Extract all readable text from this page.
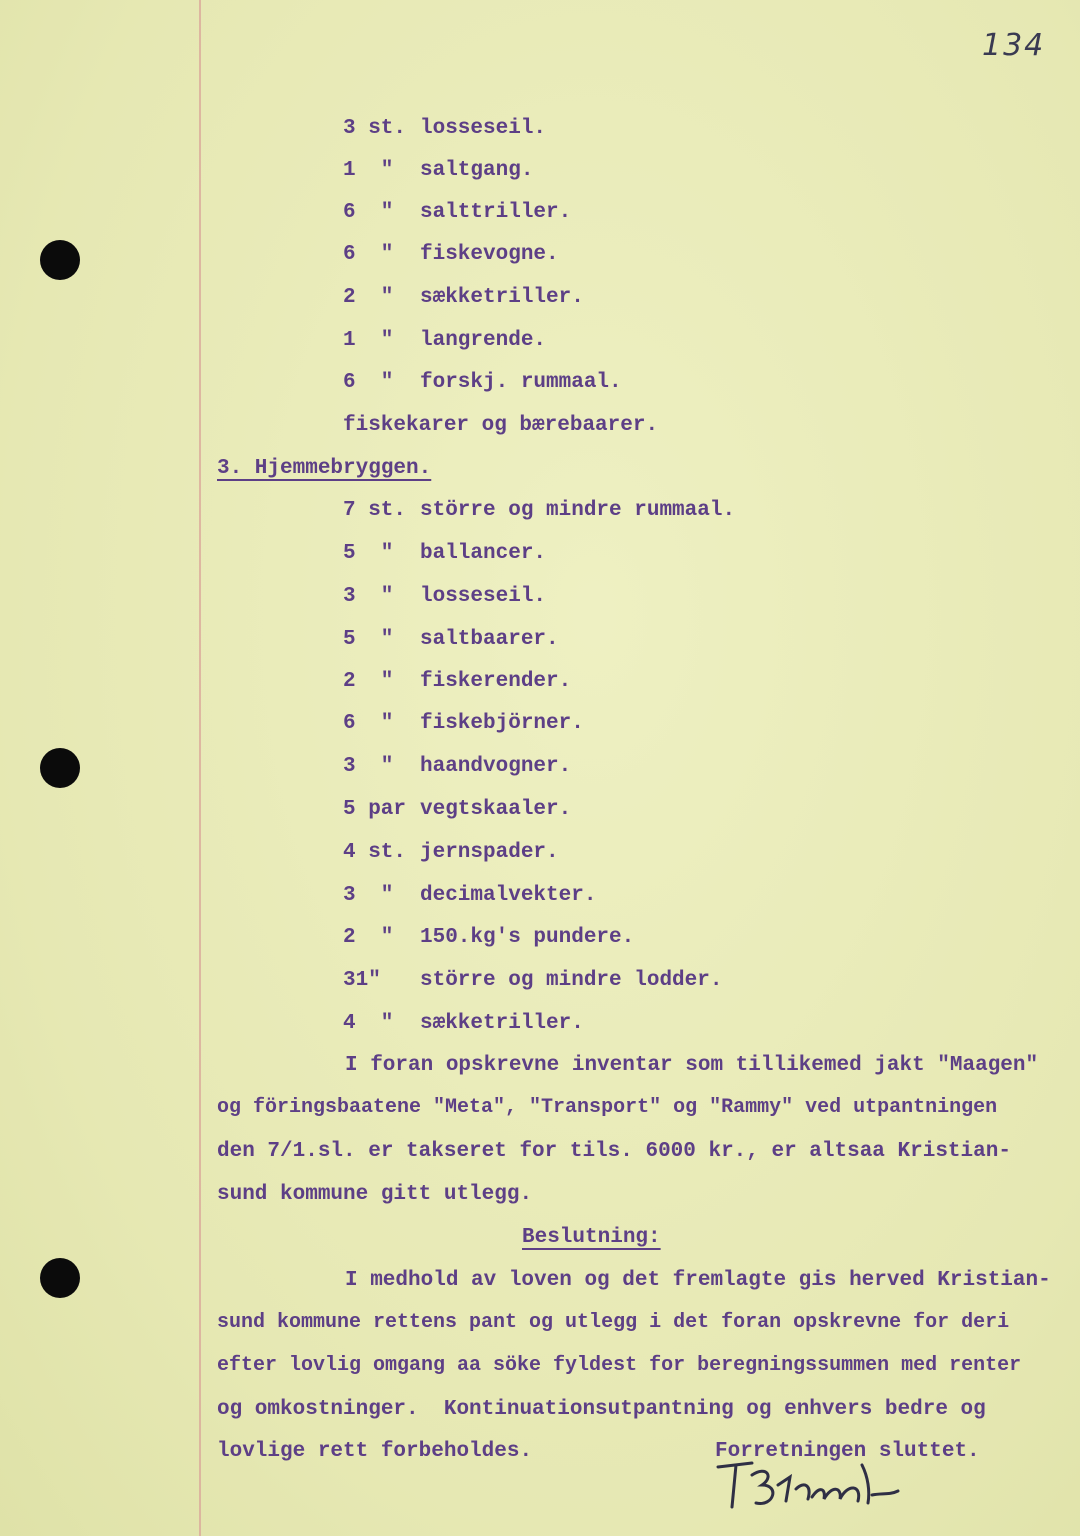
134
3 st. losseseil.
1  " saltgang.
6  " salttriller.
6  " fiskevogne.
2  " sækketriller.
1  " langrende.
6  " forskj. rummaal.
fiskekarer og bærebaarer.
3. Hjemmebryggen.
7 st. större og mindre rummaal.
5  " ballancer.
3  " losseseil.
5  " saltbaarer.
2  " fiskerender.
6  " fiskebjörner.
3  " haandvogner.
5 par vegtskaaler.
4 st. jernspader.
3  " decimalvekter.
2  " 150.kg's pundere.
31" större og mindre lodder.
4  " sækketriller.
I foran opskrevne inventar som tillikemed jakt "Maagen"
og föringsbaatene "Meta", "Transport" og "Rammy" ved utpantningen
den 7/1.sl. er takseret for tils. 6000 kr., er altsaa Kristian-
sund kommune gitt utlegg.
Beslutning:
I medhold av loven og det fremlagte gis herved Kristian-
sund kommune rettens pant og utlegg i det foran opskrevne for deri
efter lovlig omgang aa söke fyldest for beregningssummen med renter
og omkostninger.  Kontinuationsutpantning og enhvers bedre og
lovlige rett forbeholdes.	Forretningen sluttet.
